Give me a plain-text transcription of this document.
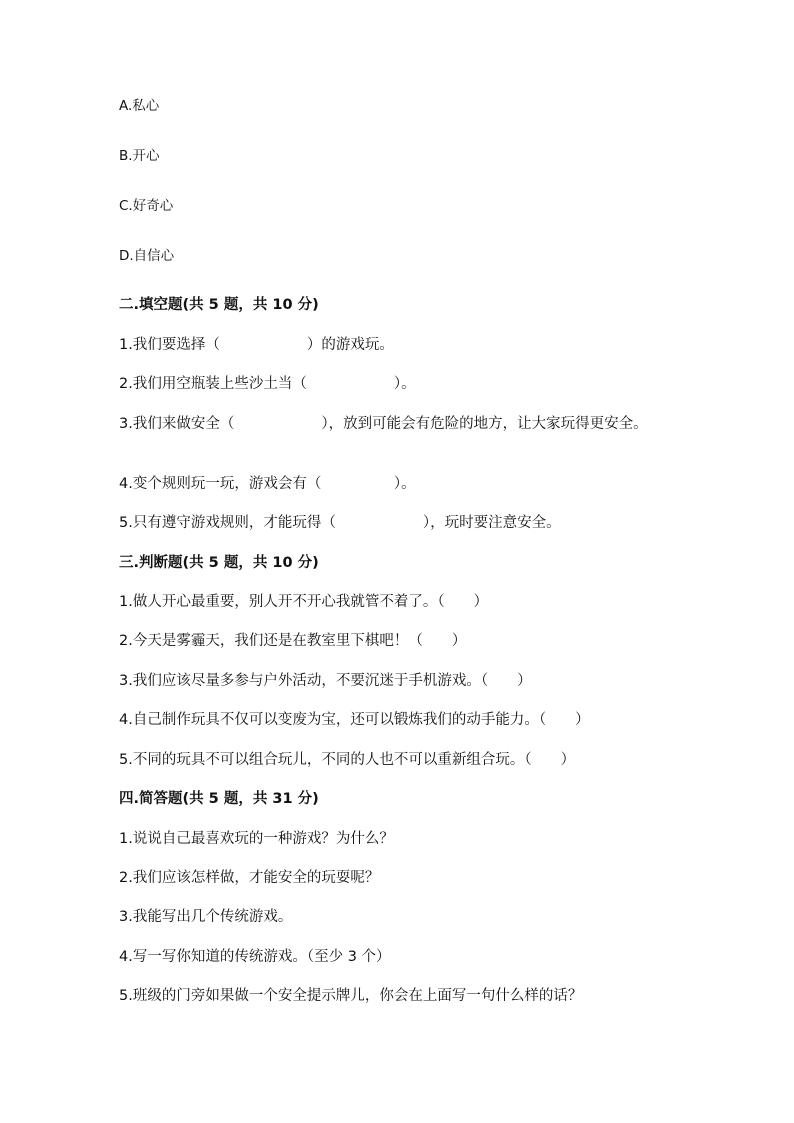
A.私心
B.开心
C.好奇心
D.自信心
二.填空题(共 5 题，共 10 分)
1.我们要选择（　　　　　　）的游戏玩。
2.我们用空瓶装上些沙土当（　　　　　　）。
3.我们来做安全（　　　　　　），放到可能会有危险的地方，让大家玩得更安全。
4.变个规则玩一玩，游戏会有（　　　　　）。
5.只有遵守游戏规则，才能玩得（　　　　　　），玩时要注意安全。
三.判断题(共 5 题，共 10 分)
1.做人开心最重要，别人开不开心我就管不着了。（　　）
2.今天是雾霾天，我们还是在教室里下棋吧！（　　）
3.我们应该尽量多参与户外活动，不要沉迷于手机游戏。（　　）
4.自己制作玩具不仅可以变废为宝，还可以锻炼我们的动手能力。（　　）
5.不同的玩具不可以组合玩儿，不同的人也不可以重新组合玩。（　　）
四.简答题(共 5 题，共 31 分)
1.说说自己最喜欢玩的一种游戏？为什么？
2.我们应该怎样做，才能安全的玩耍呢？
3.我能写出几个传统游戏。
4.写一写你知道的传统游戏。（至少 3 个）
5.班级的门旁如果做一个安全提示牌儿，你会在上面写一句什么样的话？
